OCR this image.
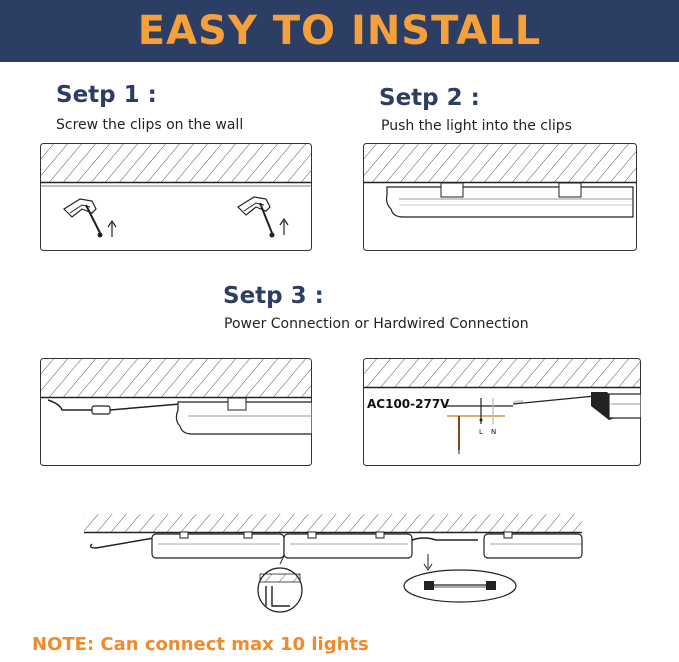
EASY TO INSTALL
Setp 1 :
Screw the clips on the wall
Setp 2 :
Push the light into the clips
Setp 3 :
Power Connection or Hardwired Connection
AC100-277V
L N
NOTE: Can connect max 10 lights
